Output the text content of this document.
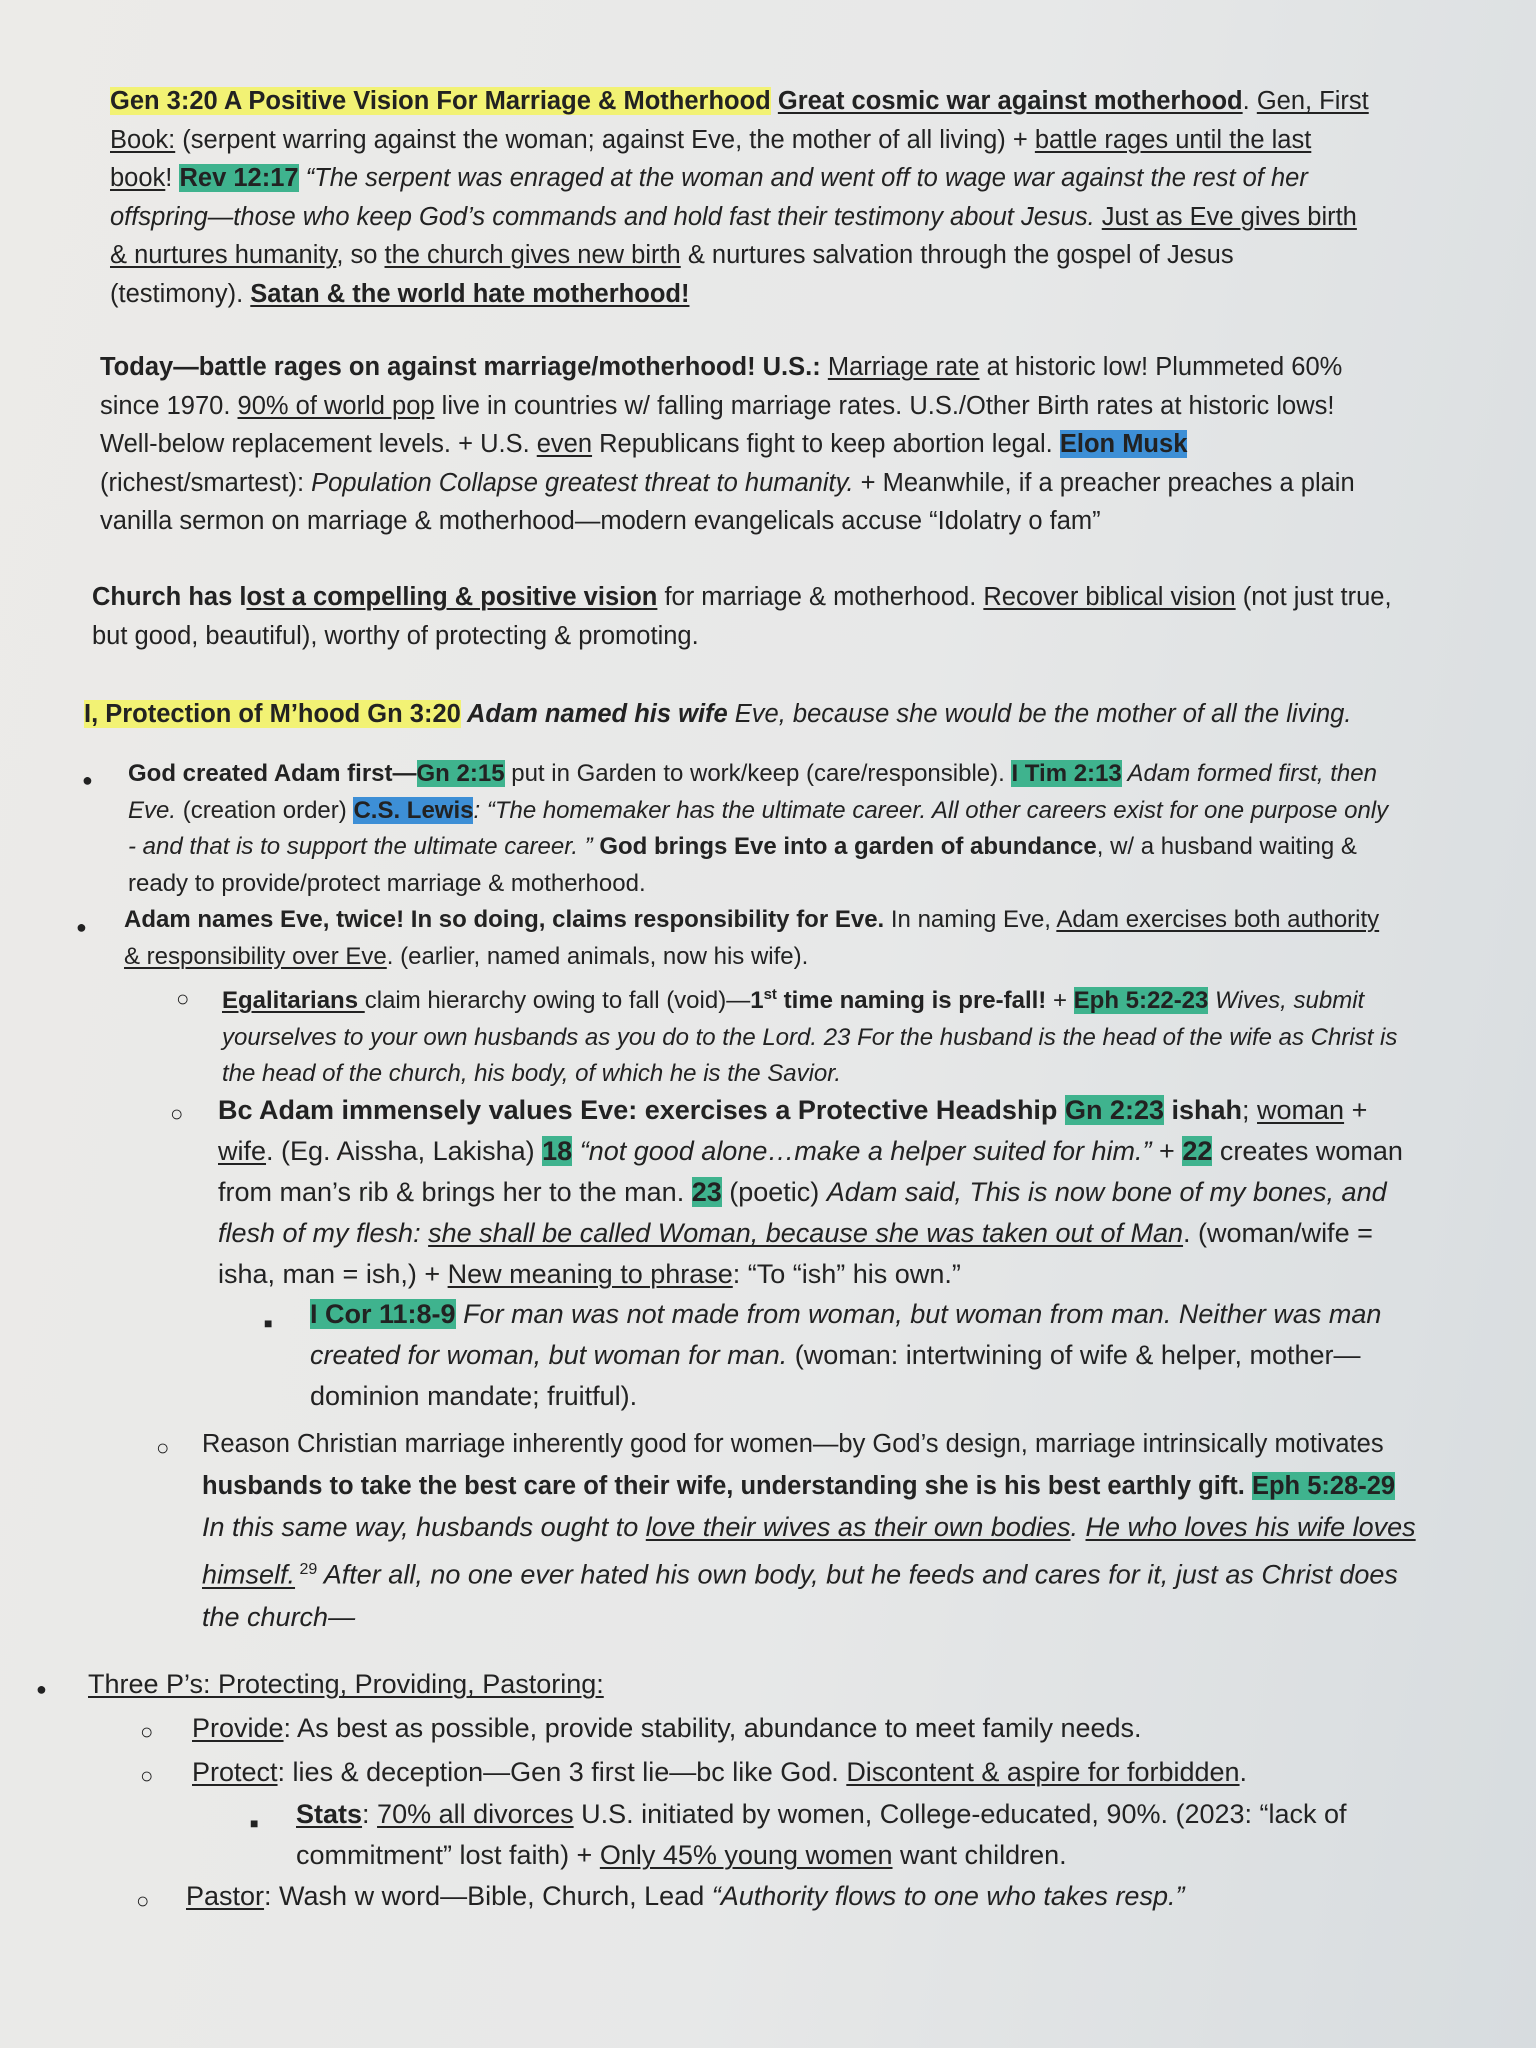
Gen 3:20 A Positive Vision For Marriage & Motherhood Great cosmic war against motherhood. Gen, First Book: (serpent warring against the woman; against Eve, the mother of all living) + battle rages until the last book! Rev 12:17 “The serpent was enraged at the woman and went off to wage war against the rest of her offspring—those who keep God’s commands and hold fast their testimony about Jesus. Just as Eve gives birth & nurtures humanity, so the church gives new birth & nurtures salvation through the gospel of Jesus (testimony). Satan & the world hate motherhood!
Today—battle rages on against marriage/motherhood! U.S.: Marriage rate at historic low! Plummeted 60% since 1970. 90% of world pop live in countries w/ falling marriage rates. U.S./Other Birth rates at historic lows! Well-below replacement levels. + U.S. even Republicans fight to keep abortion legal. Elon Musk (richest/smartest): Population Collapse greatest threat to humanity. + Meanwhile, if a preacher preaches a plain vanilla sermon on marriage & motherhood—modern evangelicals accuse “Idolatry o fam”
Church has lost a compelling & positive vision for marriage & motherhood. Recover biblical vision (not just true, but good, beautiful), worthy of protecting & promoting.
I, Protection of M’hood Gn 3:20 Adam named his wife Eve, because she would be the mother of all the living.
●
God created Adam first—Gn 2:15 put in Garden to work/keep (care/responsible). I Tim 2:13 Adam formed first, then Eve. (creation order) C.S. Lewis: “The homemaker has the ultimate career. All other careers exist for one purpose only - and that is to support the ultimate career. ” God brings Eve into a garden of abundance, w/ a husband waiting & ready to provide/protect marriage & motherhood.
●
Adam names Eve, twice! In so doing, claims responsibility for Eve. In naming Eve, Adam exercises both authority & responsibility over Eve. (earlier, named animals, now his wife).
○
Egalitarians claim hierarchy owing to fall (void)—1st time naming is pre-fall! + Eph 5:22-23 Wives, submit yourselves to your own husbands as you do to the Lord. 23 For the husband is the head of the wife as Christ is the head of the church, his body, of which he is the Savior.
○
Bc Adam immensely values Eve: exercises a Protective Headship Gn 2:23 ishah; woman + wife. (Eg. Aissha, Lakisha) 18 “not good alone…make a helper suited for him.” + 22 creates woman from man’s rib & brings her to the man. 23 (poetic) Adam said, This is now bone of my bones, and flesh of my flesh: she shall be called Woman, because she was taken out of Man. (woman/wife = isha, man = ish,) + New meaning to phrase: “To “ish” his own.”
■
I Cor 11:8-9 For man was not made from woman, but woman from man. Neither was man created for woman, but woman for man. (woman: intertwining of wife & helper, mother—dominion mandate; fruitful).
○
Reason Christian marriage inherently good for women—by God’s design, marriage intrinsically motivates husbands to take the best care of their wife, understanding she is his best earthly gift. Eph 5:28-29 In this same way, husbands ought to love their wives as their own bodies. He who loves his wife loves himself. $^{29}$ After all, no one ever hated his own body, but he feeds and cares for it, just as Christ does the church—
●
Three P’s: Protecting, Providing, Pastoring:
○
Provide: As best as possible, provide stability, abundance to meet family needs.
○
Protect: lies & deception—Gen 3 first lie—bc like God. Discontent & aspire for forbidden.
■
Stats: 70% all divorces U.S. initiated by women, College-educated, 90%. (2023: “lack of commitment” lost faith) + Only 45% young women want children.
○
Pastor: Wash w word—Bible, Church, Lead “Authority flows to one who takes resp.”
